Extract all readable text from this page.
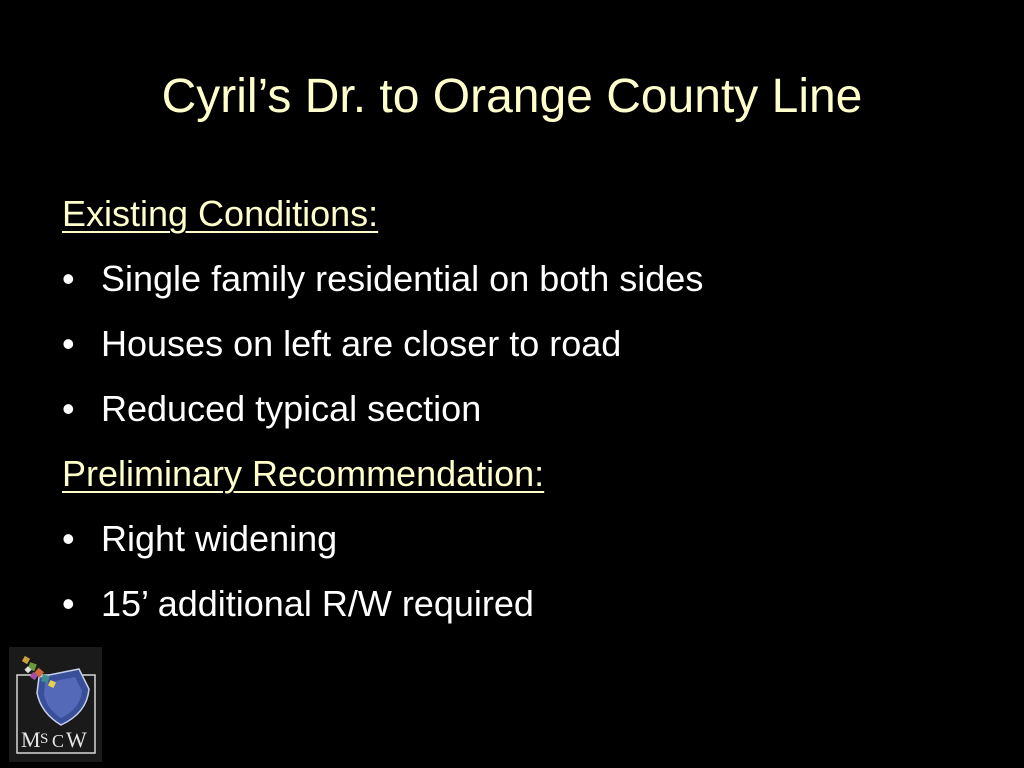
Cyril’s Dr. to Orange County Line
Existing Conditions:
• Single family residential on both sides
• Houses on left are closer to road
• Reduced typical section
Preliminary Recommendation:
• Right widening
• 15’ additional R/W required
M S C W
